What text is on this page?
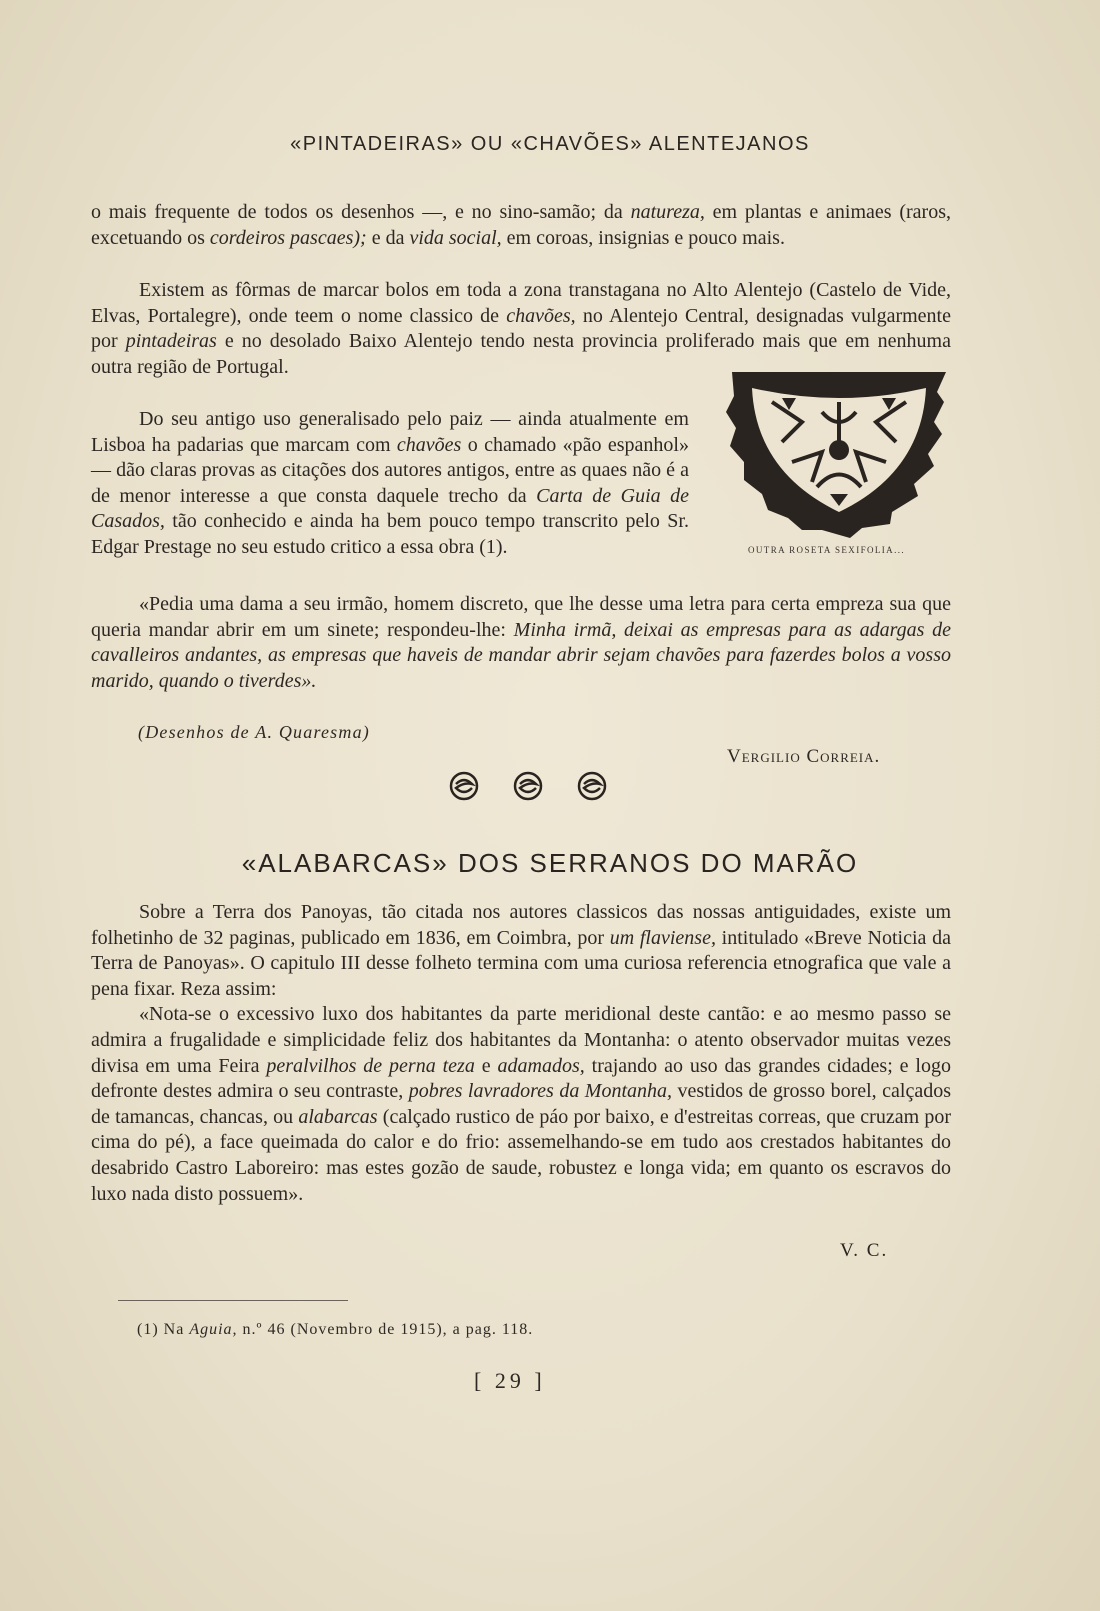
«PINTADEIRAS» OU «CHAVÕES» ALENTEJANOS

o mais frequente de todos os desenhos —, e no sino-samão; da natureza, em plantas e animaes (raros, excetuando os cordeiros pascaes); e da vida social, em coroas, insignias e pouco mais.

Existem as fôrmas de marcar bolos em toda a zona transtagana no Alto Alentejo (Castelo de Vide, Elvas, Portalegre), onde teem o nome classico de chavões, no Alentejo Central, designadas vulgarmente por pintadeiras e no desolado Baixo Alentejo tendo nesta provincia proliferado mais que em nenhuma outra região de Portugal.

Do seu antigo uso generalisado pelo paiz — ainda atualmente em Lisboa ha padarias que marcam com chavões o chamado «pão espanhol» — dão claras provas as citações dos autores antigos, entre as quaes não é a de menor interesse a que consta daquele trecho da Carta de Guia de Casados, tão conhecido e ainda ha bem pouco tempo transcrito pelo Sr. Edgar Prestage no seu estudo critico a essa obra (1).

«Pedia uma dama a seu irmão, homem discreto, que lhe desse uma letra para certa empreza sua que queria mandar abrir em um sinete; respondeu-lhe: Minha irmã, deixai as empresas para as adargas de cavalleiros andantes, as empresas que haveis de mandar abrir sejam chavões para fazerdes bolos a vosso marido, quando o tiverdes».

OUTRA ROSETA SEXIFOLIA...
(Desenhos de A. Quaresma)
Vergilio Correia.
«ALABARCAS» DOS SERRANOS DO MARÃO

Sobre a Terra dos Panoyas, tão citada nos autores classicos das nossas antiguidades, existe um folhetinho de 32 paginas, publicado em 1836, em Coimbra, por um flaviense, intitulado «Breve Noticia da Terra de Panoyas». O capitulo III desse folheto termina com uma curiosa referencia etnografica que vale a pena fixar. Reza assim:

«Nota-se o excessivo luxo dos habitantes da parte meridional deste cantão: e ao mesmo passo se admira a frugalidade e simplicidade feliz dos habitantes da Montanha: o atento observador muitas vezes divisa em uma Feira peralvilhos de perna teza e adamados, trajando ao uso das grandes cidades; e logo defronte destes admira o seu contraste, pobres lavradores da Montanha, vestidos de grosso borel, calçados de tamancas, chancas, ou alabarcas (calçado rustico de páo por baixo, e d'estreitas correas, que cruzam por cima do pé), a face queimada do calor e do frio: assemelhando-se em tudo aos crestados habitantes do desabrido Castro Laboreiro: mas estes gozão de saude, robustez e longa vida; em quanto os escravos do luxo nada disto possuem».

V. C.
(1) Na Aguia, n.º 46 (Novembro de 1915), a pag. 118.
[ 29 ]
